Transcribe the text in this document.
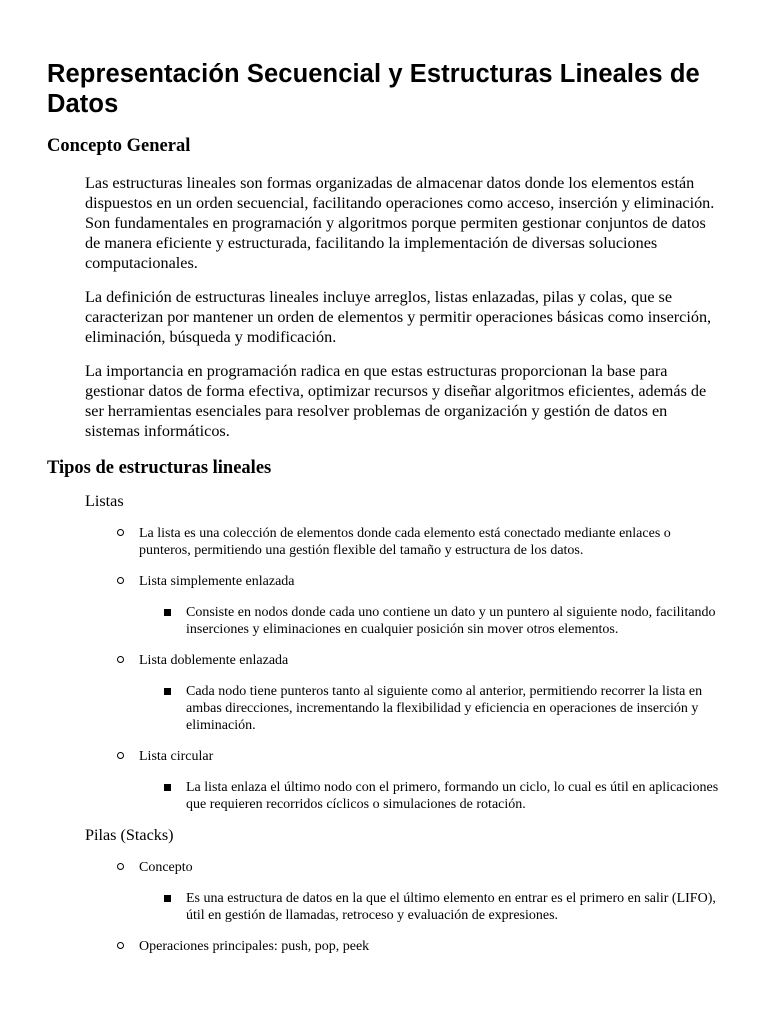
Representación Secuencial y Estructuras Lineales de Datos
Concepto General

Las estructuras lineales son formas organizadas de almacenar datos donde los elementos están dispuestos en un orden secuencial, facilitando operaciones como acceso, inserción y eliminación. Son fundamentales en programación y algoritmos porque permiten gestionar conjuntos de datos de manera eficiente y estructurada, facilitando la implementación de diversas soluciones computacionales.

La definición de estructuras lineales incluye arreglos, listas enlazadas, pilas y colas, que se caracterizan por mantener un orden de elementos y permitir operaciones básicas como inserción, eliminación, búsqueda y modificación.

La importancia en programación radica en que estas estructuras proporcionan la base para gestionar datos de forma efectiva, optimizar recursos y diseñar algoritmos eficientes, además de ser herramientas esenciales para resolver problemas de organización y gestión de datos en sistemas informáticos.

Tipos de estructuras lineales
Listas
La lista es una colección de elementos donde cada elemento está conectado mediante enlaces o punteros, permitiendo una gestión flexible del tamaño y estructura de los datos.
Lista simplemente enlazada
Consiste en nodos donde cada uno contiene un dato y un puntero al siguiente nodo, facilitando inserciones y eliminaciones en cualquier posición sin mover otros elementos.
Lista doblemente enlazada
Cada nodo tiene punteros tanto al siguiente como al anterior, permitiendo recorrer la lista en ambas direcciones, incrementando la flexibilidad y eficiencia en operaciones de inserción y eliminación.
Lista circular
La lista enlaza el último nodo con el primero, formando un ciclo, lo cual es útil en aplicaciones que requieren recorridos cíclicos o simulaciones de rotación.
Pilas (Stacks)
Concepto
Es una estructura de datos en la que el último elemento en entrar es el primero en salir (LIFO), útil en gestión de llamadas, retroceso y evaluación de expresiones.
Operaciones principales: push, pop, peek
